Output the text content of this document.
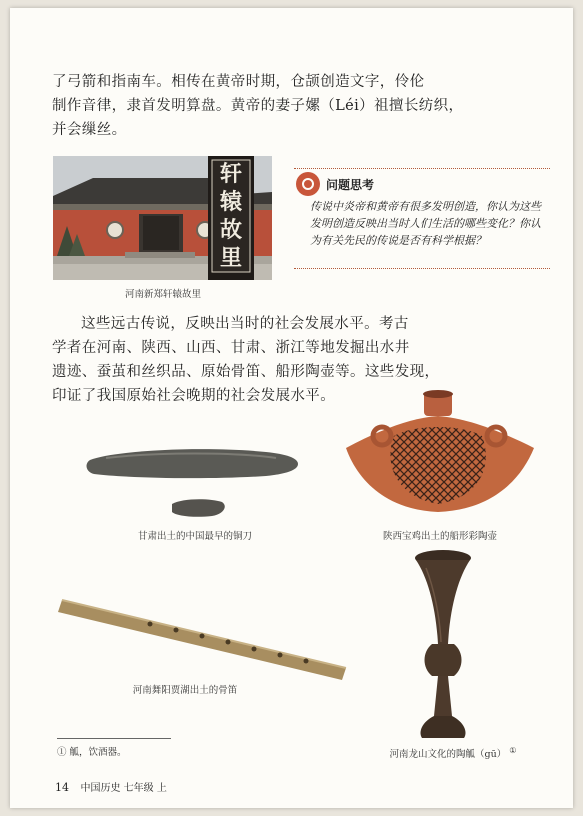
了弓箭和指南车。相传在黄帝时期，仓颉创造文字，伶伦
制作音律，隶首发明算盘。黄帝的妻子嫘（Léi）祖擅长纺织，
并会缫丝。
轩
辕
故
里
河南新郑轩辕故里
问题思考
传说中炎帝和黄帝有很多发明创造，你认为这些发明创造反映出当时人们生活的哪些变化？你认为有关先民的传说是否有科学根据？
这些远古传说，反映出当时的社会发展水平。考古
学者在河南、陕西、山西、甘肃、浙江等地发掘出水井
遗迹、蚕茧和丝织品、原始骨笛、船形陶壶等。这些发现，
印证了我国原始社会晚期的社会发展水平。
甘肃出土的中国最早的铜刀	陕西宝鸡出土的船形彩陶壶
河南舞阳贾湖出土的骨笛
河南龙山文化的陶觚（gū） ①
① 觚，饮酒器。
14 中国历史 七年级 上
